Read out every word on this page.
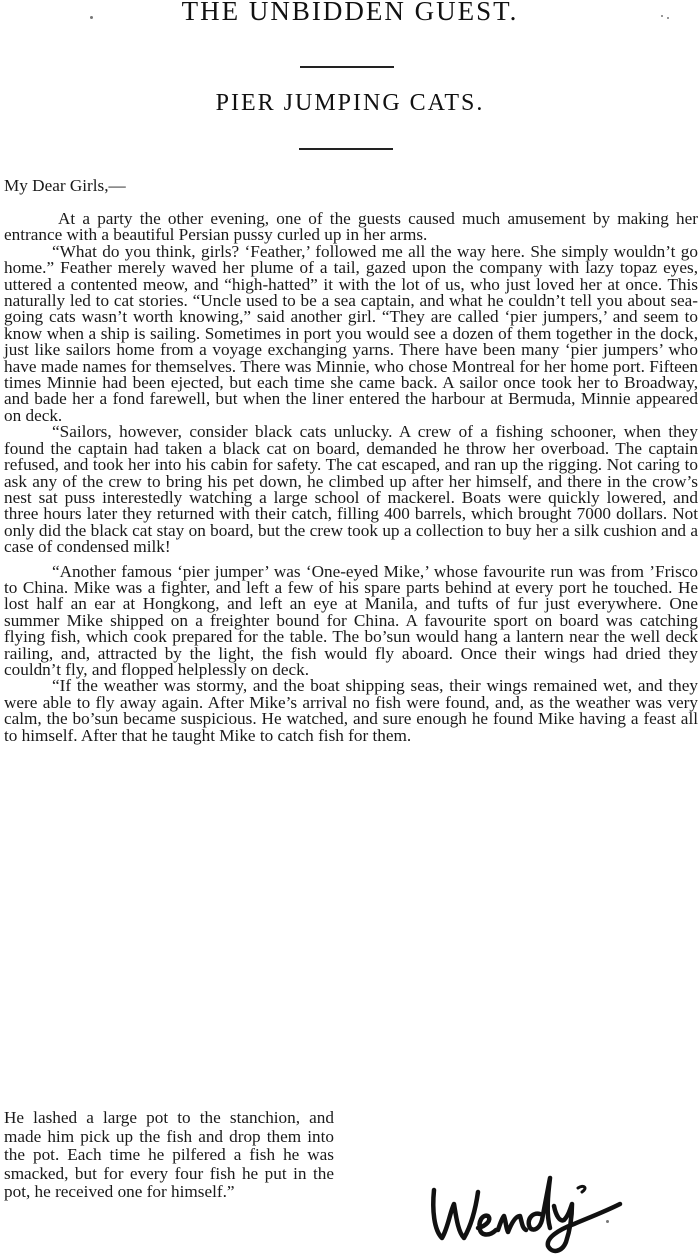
THE UNBIDDEN GUEST.
PIER JUMPING CATS.

My Dear Girls,—

At a party the other evening, one of the guests caused much amusement by making her entrance with a beautiful Persian pussy curled up in her arms.

“What do you think, girls? ‘Feather,’ followed me all the way here. She simply wouldn’t go home.” Feather merely waved her plume of a tail, gazed upon the company with lazy topaz eyes, uttered a contented meow, and “high-hatted” it with the lot of us, who just loved her at once. This naturally led to cat stories. “Uncle used to be a sea captain, and what he couldn’t tell you about sea-going cats wasn’t worth knowing,” said another girl. “They are called ‘pier jumpers,’ and seem to know when a ship is sailing. Sometimes in port you would see a dozen of them together in the dock, just like sailors home from a voyage exchanging yarns. There have been many ‘pier jumpers’ who have made names for themselves. There was Minnie, who chose Montreal for her home port. Fifteen times Minnie had been ejected, but each time she came back. A sailor once took her to Broadway, and bade her a fond farewell, but when the liner entered the harbour at Bermuda, Minnie appeared on deck.

“Sailors, however, consider black cats unlucky. A crew of a fishing schooner, when they found the captain had taken a black cat on board, demanded he throw her overboad. The captain refused, and took her into his cabin for safety. The cat escaped, and ran up the rigging. Not caring to ask any of the crew to bring his pet down, he climbed up after her himself, and there in the crow’s nest sat puss interestedly watching a large school of mackerel. Boats were quickly lowered, and three hours later they returned with their catch, filling 400 barrels, which brought 7000 dollars. Not only did the black cat stay on board, but the crew took up a collection to buy her a silk cushion and a case of condensed milk!

“Another famous ‘pier jumper’ was ‘One-eyed Mike,’ whose favourite run was from ’Frisco to China. Mike was a fighter, and left a few of his spare parts behind at every port he touched. He lost half an ear at Hongkong, and left an eye at Manila, and tufts of fur just everywhere. One summer Mike shipped on a freighter bound for China. A favourite sport on board was catching flying fish, which cook prepared for the table. The bo’sun would hang a lantern near the well deck railing, and, attracted by the light, the fish would fly aboard. Once their wings had dried they couldn’t fly, and flopped helplessly on deck.

“If the weather was stormy, and the boat shipping seas, their wings remained wet, and they were able to fly away again. After Mike’s arrival no fish were found, and, as the weather was very calm, the bo’sun became suspicious. He watched, and sure enough he found Mike having a feast all to himself. After that he taught Mike to catch fish for them.

He lashed a large pot to the stanchion, and made him pick up the fish and drop them into the pot. Each time he pilfered a fish he was smacked, but for every four fish he put in the pot, he received one for himself.”
